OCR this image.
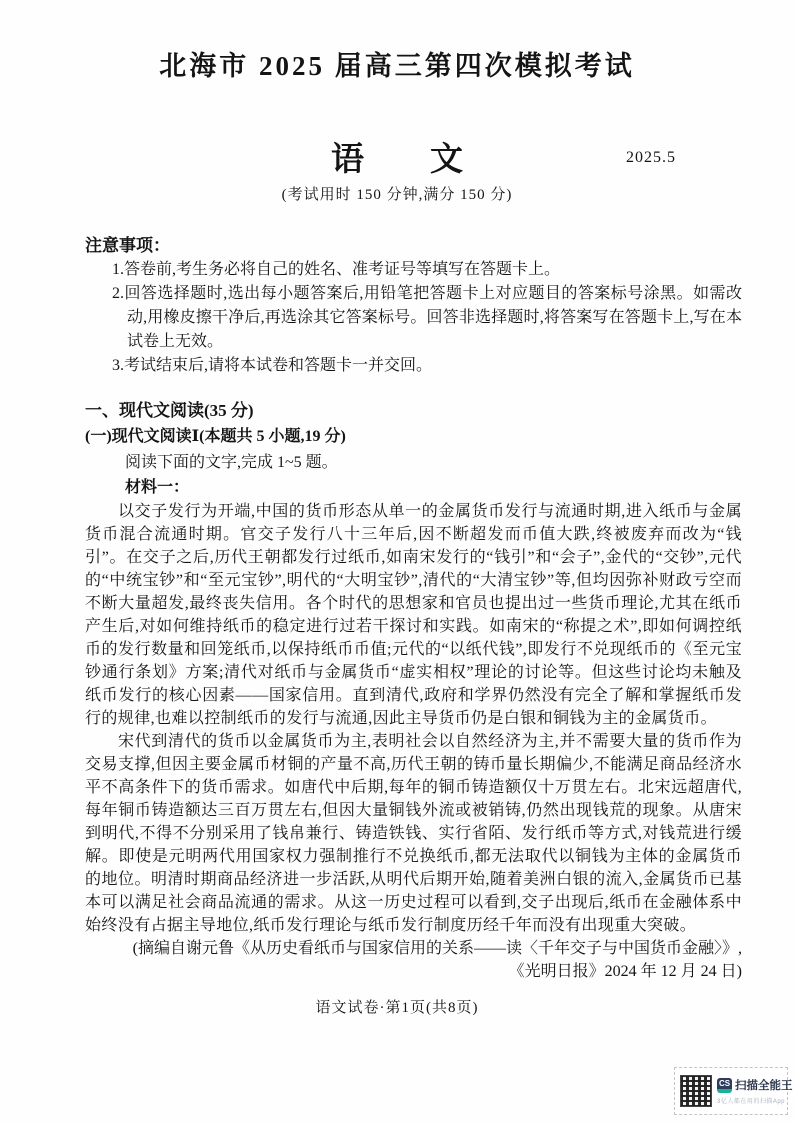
北海市 2025 届高三第四次模拟考试
语　　文	2025.5
(考试用时 150 分钟,满分 150 分)
注意事项：
1.答卷前,考生务必将自己的姓名、准考证号等填写在答题卡上。
2.回答选择题时,选出每小题答案后,用铅笔把答题卡上对应题目的答案标号涂黑。如需改动,用橡皮擦干净后,再选涂其它答案标号。回答非选择题时,将答案写在答题卡上,写在本试卷上无效。
3.考试结束后,请将本试卷和答题卡一并交回。
一、现代文阅读(35 分)
(一)现代文阅读Ⅰ(本题共 5 小题,19 分)
阅读下面的文字,完成 1~5 题。
材料一：
以交子发行为开端,中国的货币形态从单一的金属货币发行与流通时期,进入纸币与金属货币混合流通时期。官交子发行八十三年后,因不断超发而币值大跌,终被废弃而改为“钱引”。在交子之后,历代王朝都发行过纸币,如南宋发行的“钱引”和“会子”,金代的“交钞”,元代的“中统宝钞”和“至元宝钞”,明代的“大明宝钞”,清代的“大清宝钞”等,但均因弥补财政亏空而不断大量超发,最终丧失信用。各个时代的思想家和官员也提出过一些货币理论,尤其在纸币产生后,对如何维持纸币的稳定进行过若干探讨和实践。如南宋的“称提之术”,即如何调控纸币的发行数量和回笼纸币,以保持纸币币值;元代的“以纸代钱”,即发行不兑现纸币的《至元宝钞通行条划》方案;清代对纸币与金属货币“虚实相权”理论的讨论等。但这些讨论均未触及纸币发行的核心因素——国家信用。直到清代,政府和学界仍然没有完全了解和掌握纸币发行的规律,也难以控制纸币的发行与流通,因此主导货币仍是白银和铜钱为主的金属货币。
宋代到清代的货币以金属货币为主,表明社会以自然经济为主,并不需要大量的货币作为交易支撑,但因主要金属币材铜的产量不高,历代王朝的铸币量长期偏少,不能满足商品经济水平不高条件下的货币需求。如唐代中后期,每年的铜币铸造额仅十万贯左右。北宋远超唐代,每年铜币铸造额达三百万贯左右,但因大量铜钱外流或被销铸,仍然出现钱荒的现象。从唐宋到明代,不得不分别采用了钱帛兼行、铸造铁钱、实行省陌、发行纸币等方式,对钱荒进行缓解。即使是元明两代用国家权力强制推行不兑换纸币,都无法取代以铜钱为主体的金属货币的地位。明清时期商品经济进一步活跃,从明代后期开始,随着美洲白银的流入,金属货币已基本可以满足社会商品流通的需求。从这一历史过程可以看到,交子出现后,纸币在金融体系中始终没有占据主导地位,纸币发行理论与纸币发行制度历经千年而没有出现重大突破。
(摘编自谢元鲁《从历史看纸币与国家信用的关系——读〈千年交子与中国货币金融〉》,
《光明日报》2024 年 12 月 24 日)
语文试卷·第1页(共8页)
CS 扫描全能王
3亿人都在用的扫描App
